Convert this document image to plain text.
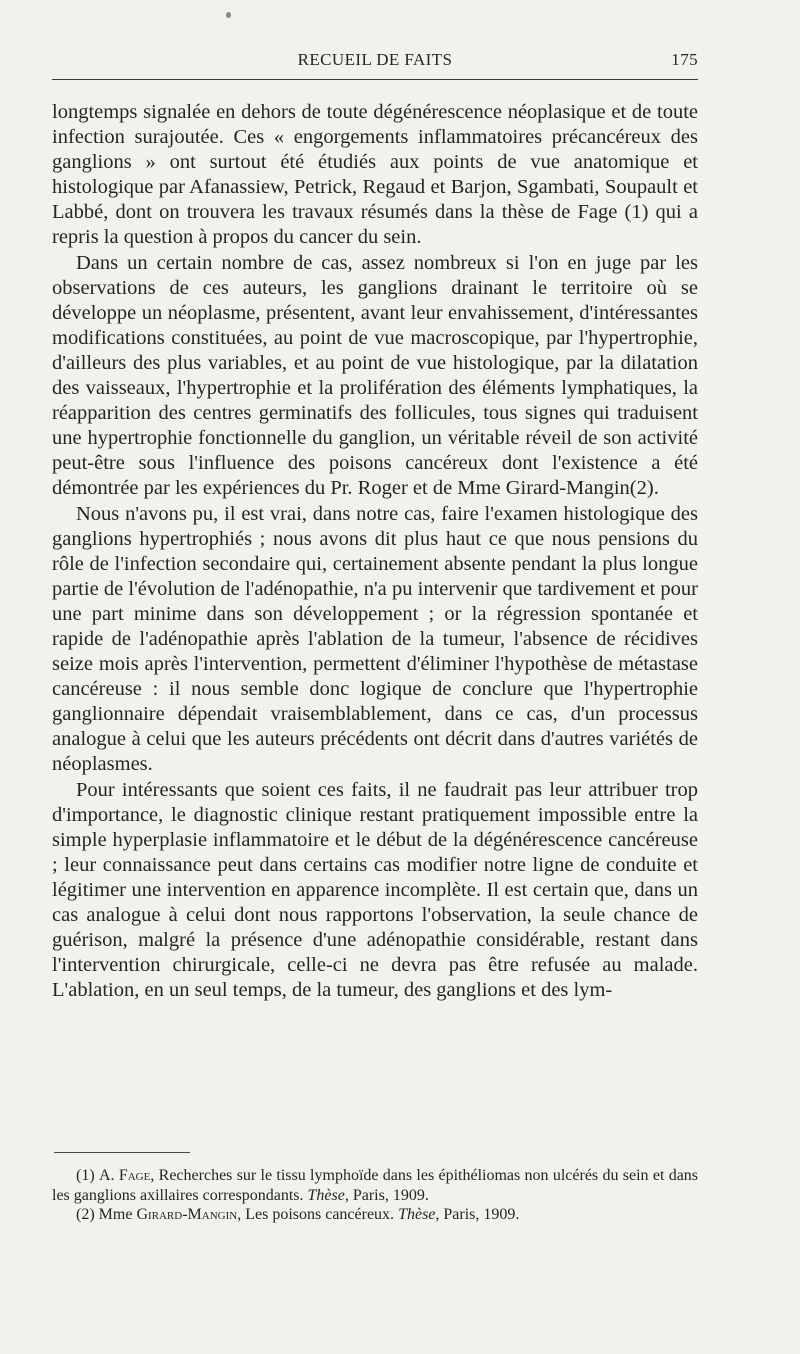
RECUEIL DE FAITS	175

longtemps signalée en dehors de toute dégénérescence néoplasique et de toute infection surajoutée. Ces « engorgements inflammatoires précancéreux des ganglions » ont surtout été étudiés aux points de vue anatomique et histologique par Afanassiew, Petrick, Regaud et Barjon, Sgambati, Soupault et Labbé, dont on trouvera les travaux résumés dans la thèse de Fage (1) qui a repris la question à propos du cancer du sein.

Dans un certain nombre de cas, assez nombreux si l'on en juge par les observations de ces auteurs, les ganglions drainant le territoire où se développe un néoplasme, présentent, avant leur envahissement, d'intéressantes modifications constituées, au point de vue macroscopique, par l'hypertrophie, d'ailleurs des plus variables, et au point de vue histologique, par la dilatation des vaisseaux, l'hypertrophie et la prolifération des éléments lymphatiques, la réapparition des centres germinatifs des follicules, tous signes qui traduisent une hypertrophie fonctionnelle du ganglion, un véritable réveil de son activité peut-être sous l'influence des poisons cancéreux dont l'existence a été démontrée par les expériences du Pr. Roger et de Mme Girard-Mangin(2).

Nous n'avons pu, il est vrai, dans notre cas, faire l'examen histologique des ganglions hypertrophiés ; nous avons dit plus haut ce que nous pensions du rôle de l'infection secondaire qui, certainement absente pendant la plus longue partie de l'évolution de l'adénopathie, n'a pu intervenir que tardivement et pour une part minime dans son développement ; or la régression spontanée et rapide de l'adénopathie après l'ablation de la tumeur, l'absence de récidives seize mois après l'intervention, permettent d'éliminer l'hypothèse de métastase cancéreuse : il nous semble donc logique de conclure que l'hypertrophie ganglionnaire dépendait vraisemblablement, dans ce cas, d'un processus analogue à celui que les auteurs précédents ont décrit dans d'autres variétés de néoplasmes.

Pour intéressants que soient ces faits, il ne faudrait pas leur attribuer trop d'importance, le diagnostic clinique restant pratiquement impossible entre la simple hyperplasie inflammatoire et le début de la dégénérescence cancéreuse ; leur connaissance peut dans certains cas modifier notre ligne de conduite et légitimer une intervention en apparence incomplète. Il est certain que, dans un cas analogue à celui dont nous rapportons l'observation, la seule chance de guérison, malgré la présence d'une adénopathie considérable, restant dans l'intervention chirurgicale, celle-ci ne devra pas être refusée au malade. L'ablation, en un seul temps, de la tumeur, des ganglions et des lym-

(1) A. Fage, Recherches sur le tissu lymphoïde dans les épithéliomas non ulcérés du sein et dans les ganglions axillaires correspondants. Thèse, Paris, 1909.

(2) Mme Girard-Mangin, Les poisons cancéreux. Thèse, Paris, 1909.
